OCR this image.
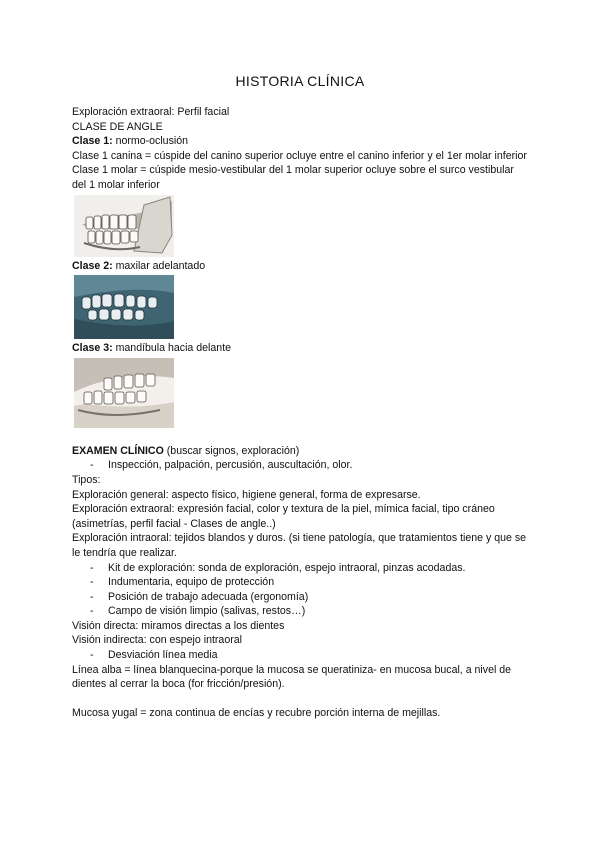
HISTORIA CLÍNICA
Exploración extraoral: Perfil facial
CLASE DE ANGLE
Clase 1: normo-oclusión
Clase 1 canina = cúspide del canino superior ocluye entre el canino inferior y el 1er molar inferior
Clase 1 molar = cúspide mesio-vestibular del 1 molar superior ocluye sobre el surco vestibular del 1 molar inferior
Clase 2: maxilar adelantado
Clase 3: mandíbula hacia delante
EXAMEN CLÍNICO (buscar signos, exploración)
-	Inspección, palpación, percusión, auscultación, olor.
Tipos:
Exploración general: aspecto físico, higiene general, forma de expresarse.
Exploración extraoral: expresión facial, color y textura de la piel, mímica facial, tipo cráneo (asimetrías, perfil facial - Clases de angle..)
Exploración intraoral: tejidos blandos y duros. (si tiene patología, que tratamientos tiene y que se le tendría que realizar.
-	Kit de exploración: sonda de exploración, espejo intraoral, pinzas acodadas.
-	Indumentaria, equipo de protección
-	Posición de trabajo adecuada (ergonomía)
-	Campo de visión limpio (salivas, restos…)
Visión directa: miramos directas a los dientes
Visión indirecta: con espejo intraoral
-	Desviación línea media
Línea alba = línea blanquecina-porque la mucosa se queratiniza- en mucosa bucal, a nivel de dientes al cerrar la boca (for fricción/presión).
Mucosa yugal = zona continua de encías y recubre porción interna de mejillas.
